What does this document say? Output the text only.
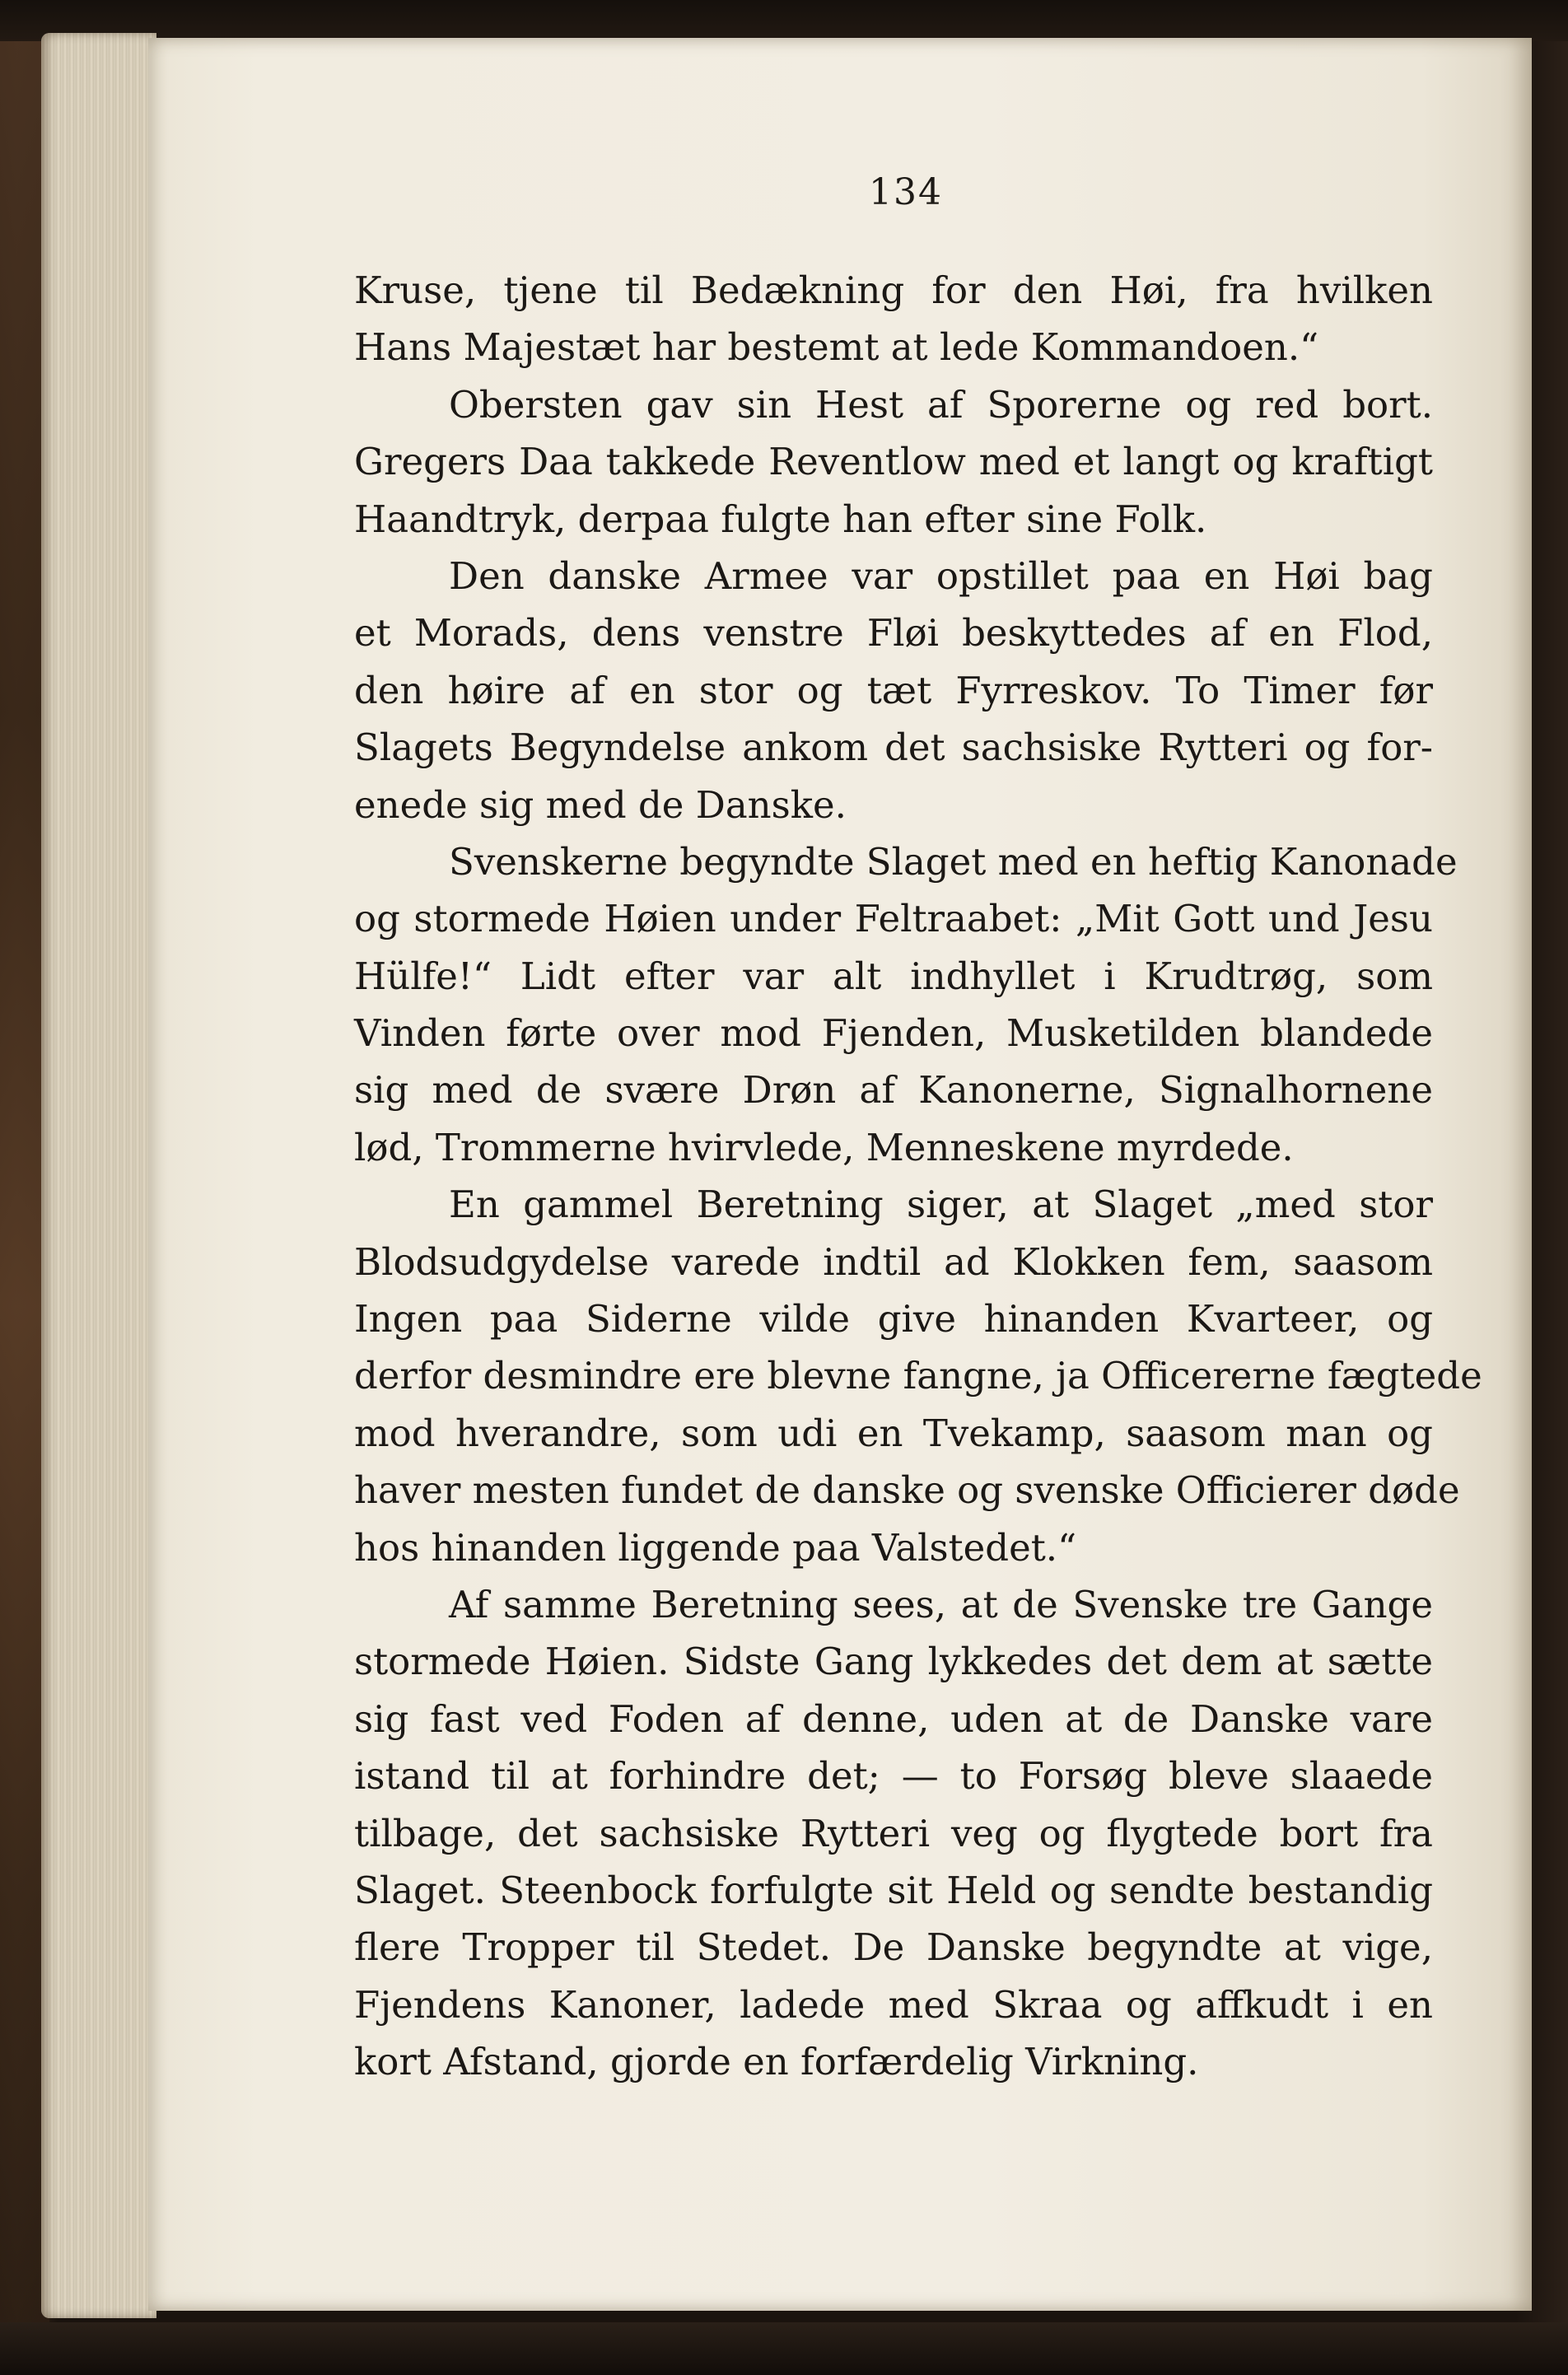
134
Kruse, tjene til Bedækning for den Høi, fra hvilken
Hans Majestæt har bestemt at lede Kommandoen.“
Obersten gav sin Hest af Sporerne og red bort.
Gregers Daa takkede Reventlow med et langt og kraftigt
Haandtryk, derpaa fulgte han efter sine Folk.
Den danske Armee var opstillet paa en Høi bag
et Morads, dens venstre Fløi beskyttedes af en Flod,
den høire af en stor og tæt Fyrreskov. To Timer før
Slagets Begyndelse ankom det sachsiske Rytteri og for-
enede sig med de Danske.
Svenskerne begyndte Slaget med en heftig Kanonade
og stormede Høien under Feltraabet: „Mit Gott und Jesu
Hülfe!“ Lidt efter var alt indhyllet i Krudtrøg, som
Vinden førte over mod Fjenden, Musketilden blandede
sig med de svære Drøn af Kanonerne, Signalhornene
lød, Trommerne hvirvlede, Menneskene myrdede.
En gammel Beretning siger, at Slaget „med stor
Blodsudgydelse varede indtil ad Klokken fem, saasom
Ingen paa Siderne vilde give hinanden Kvarteer, og
derfor desmindre ere blevne fangne, ja Officererne fægtede
mod hverandre, som udi en Tvekamp, saasom man og
haver mesten fundet de danske og svenske Officierer døde
hos hinanden liggende paa Valstedet.“
Af samme Beretning sees, at de Svenske tre Gange
stormede Høien. Sidste Gang lykkedes det dem at sætte
sig fast ved Foden af denne, uden at de Danske vare
istand til at forhindre det; — to Forsøg bleve slaaede
tilbage, det sachsiske Rytteri veg og flygtede bort fra
Slaget. Steenbock forfulgte sit Held og sendte bestandig
flere Tropper til Stedet. De Danske begyndte at vige,
Fjendens Kanoner, ladede med Skraa og affkudt i en
kort Afstand, gjorde en forfærdelig Virkning.
